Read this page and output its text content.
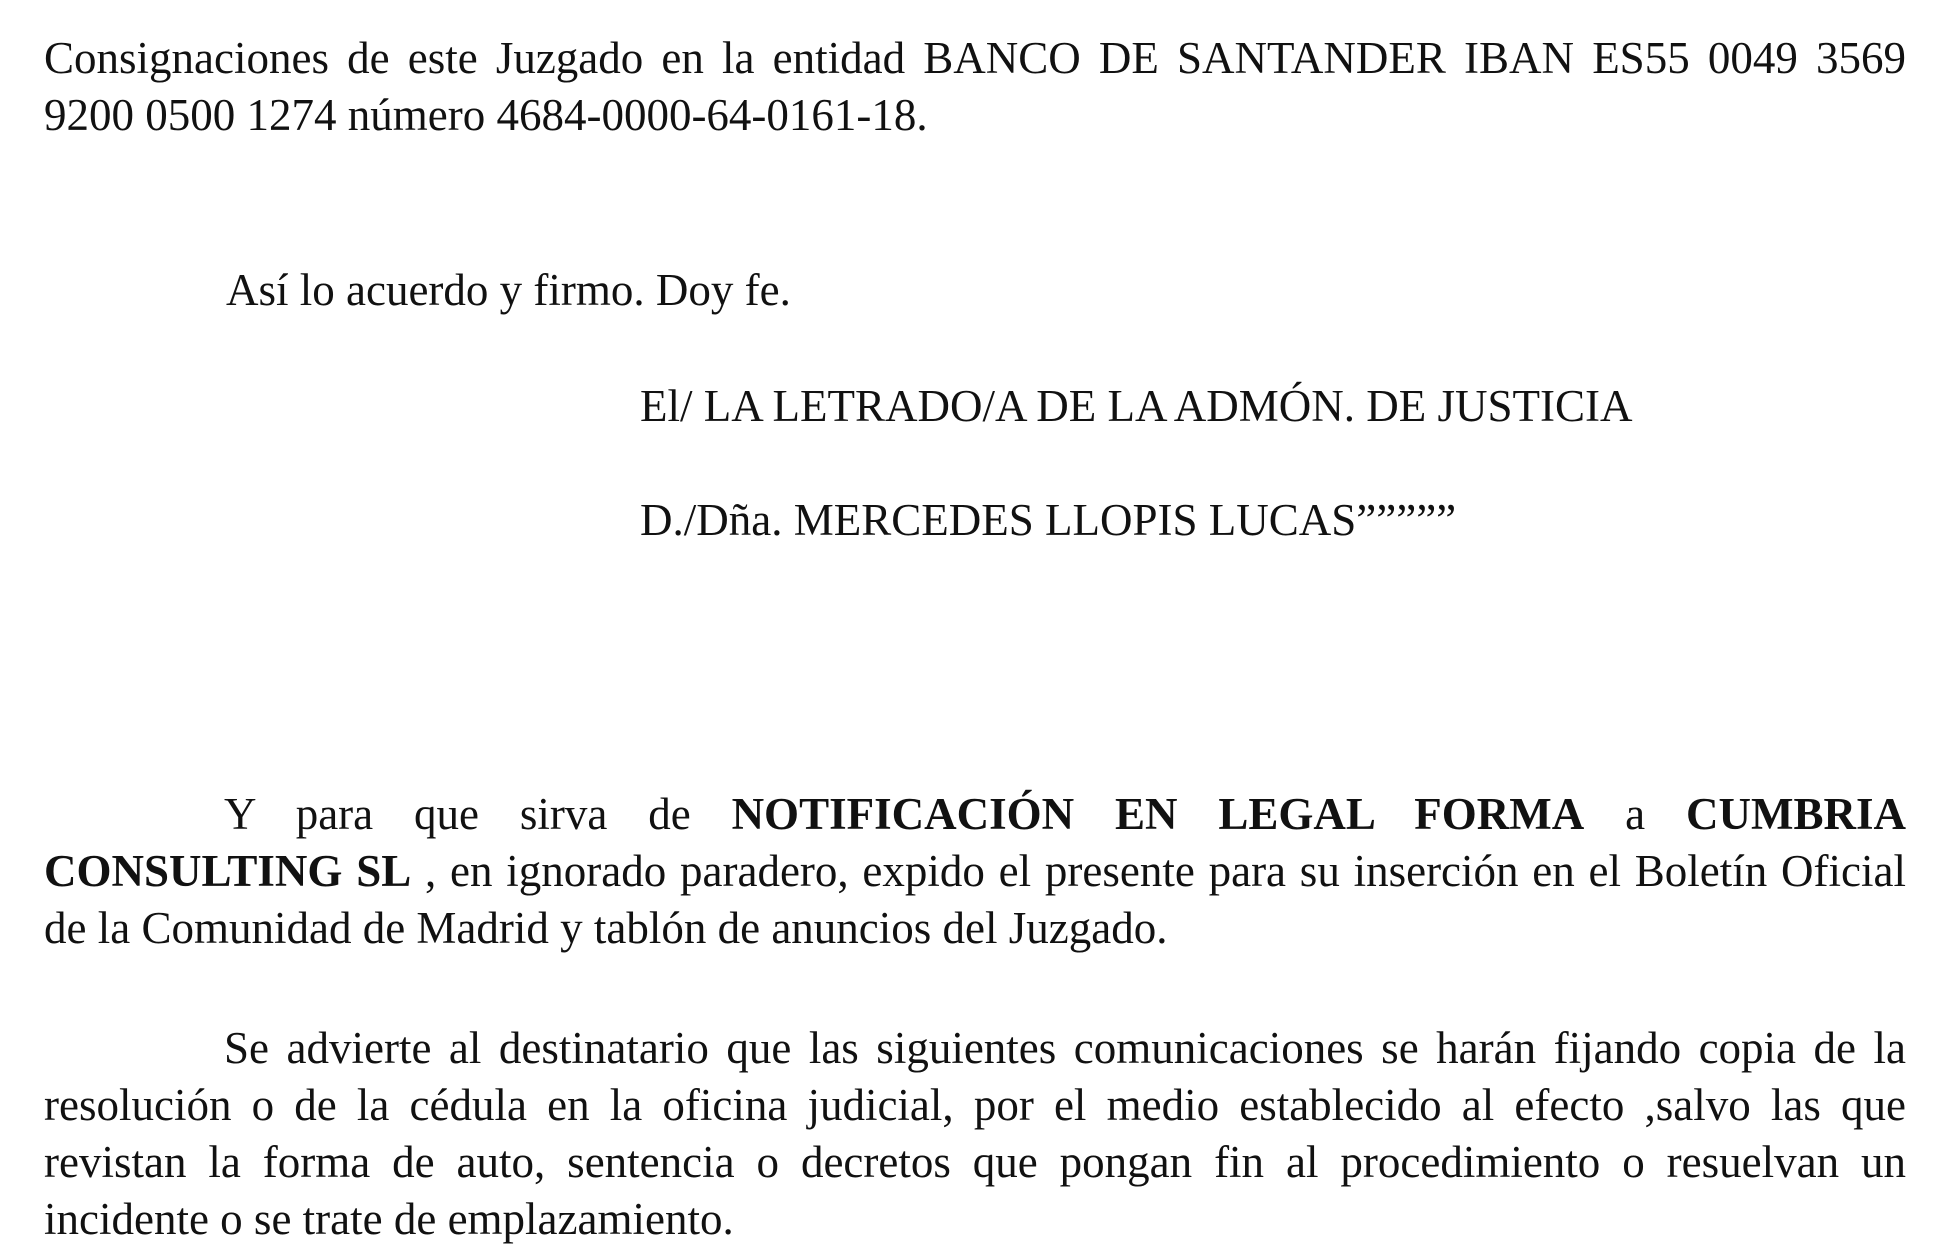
Consignaciones de este Juzgado en la entidad BANCO DE SANTANDER IBAN ES55 0049 3569 9200 0500 1274 número 4684-0000-64-0161-18.

Así lo acuerdo y firmo. Doy fe.

El/ LA LETRADO/A DE LA ADMÓN. DE JUSTICIA

D./Dña. MERCEDES LLOPIS LUCAS”””””

Y para que sirva de NOTIFICACIÓN EN LEGAL FORMA a CUMBRIA CONSULTING SL , en ignorado paradero, expido el presente para su inserción en el Boletín Oficial de la Comunidad de Madrid y tablón de anuncios del Juzgado.

Se advierte al destinatario que las siguientes comunicaciones se harán fijando copia de la resolución o de la cédula en la oficina judicial, por el medio establecido al efecto ,salvo las que revistan la forma de auto, sentencia o decretos que pongan fin al procedimiento o resuelvan un incidente o se trate de emplazamiento.
